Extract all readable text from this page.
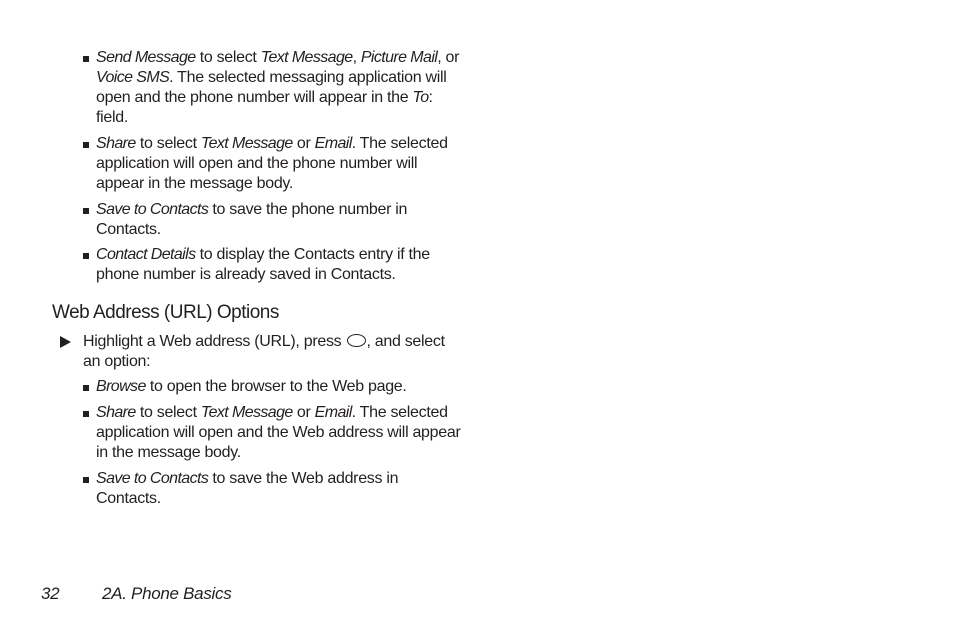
Send Message to select Text Message, Picture Mail, or Voice SMS. The selected messaging application will open and the phone number will appear in the To: field.
Share to select Text Message or Email. The selected application will open and the phone number will appear in the message body.
Save to Contacts to save the phone number in Contacts.
Contact Details to display the Contacts entry if the phone number is already saved in Contacts.
Web Address (URL) Options
Highlight a Web address (URL), press , and select an option:
Browse to open the browser to the Web page.
Share to select Text Message or Email. The selected application will open and the Web address will appear in the message body.
Save to Contacts to save the Web address in Contacts.
32	2A. Phone Basics
